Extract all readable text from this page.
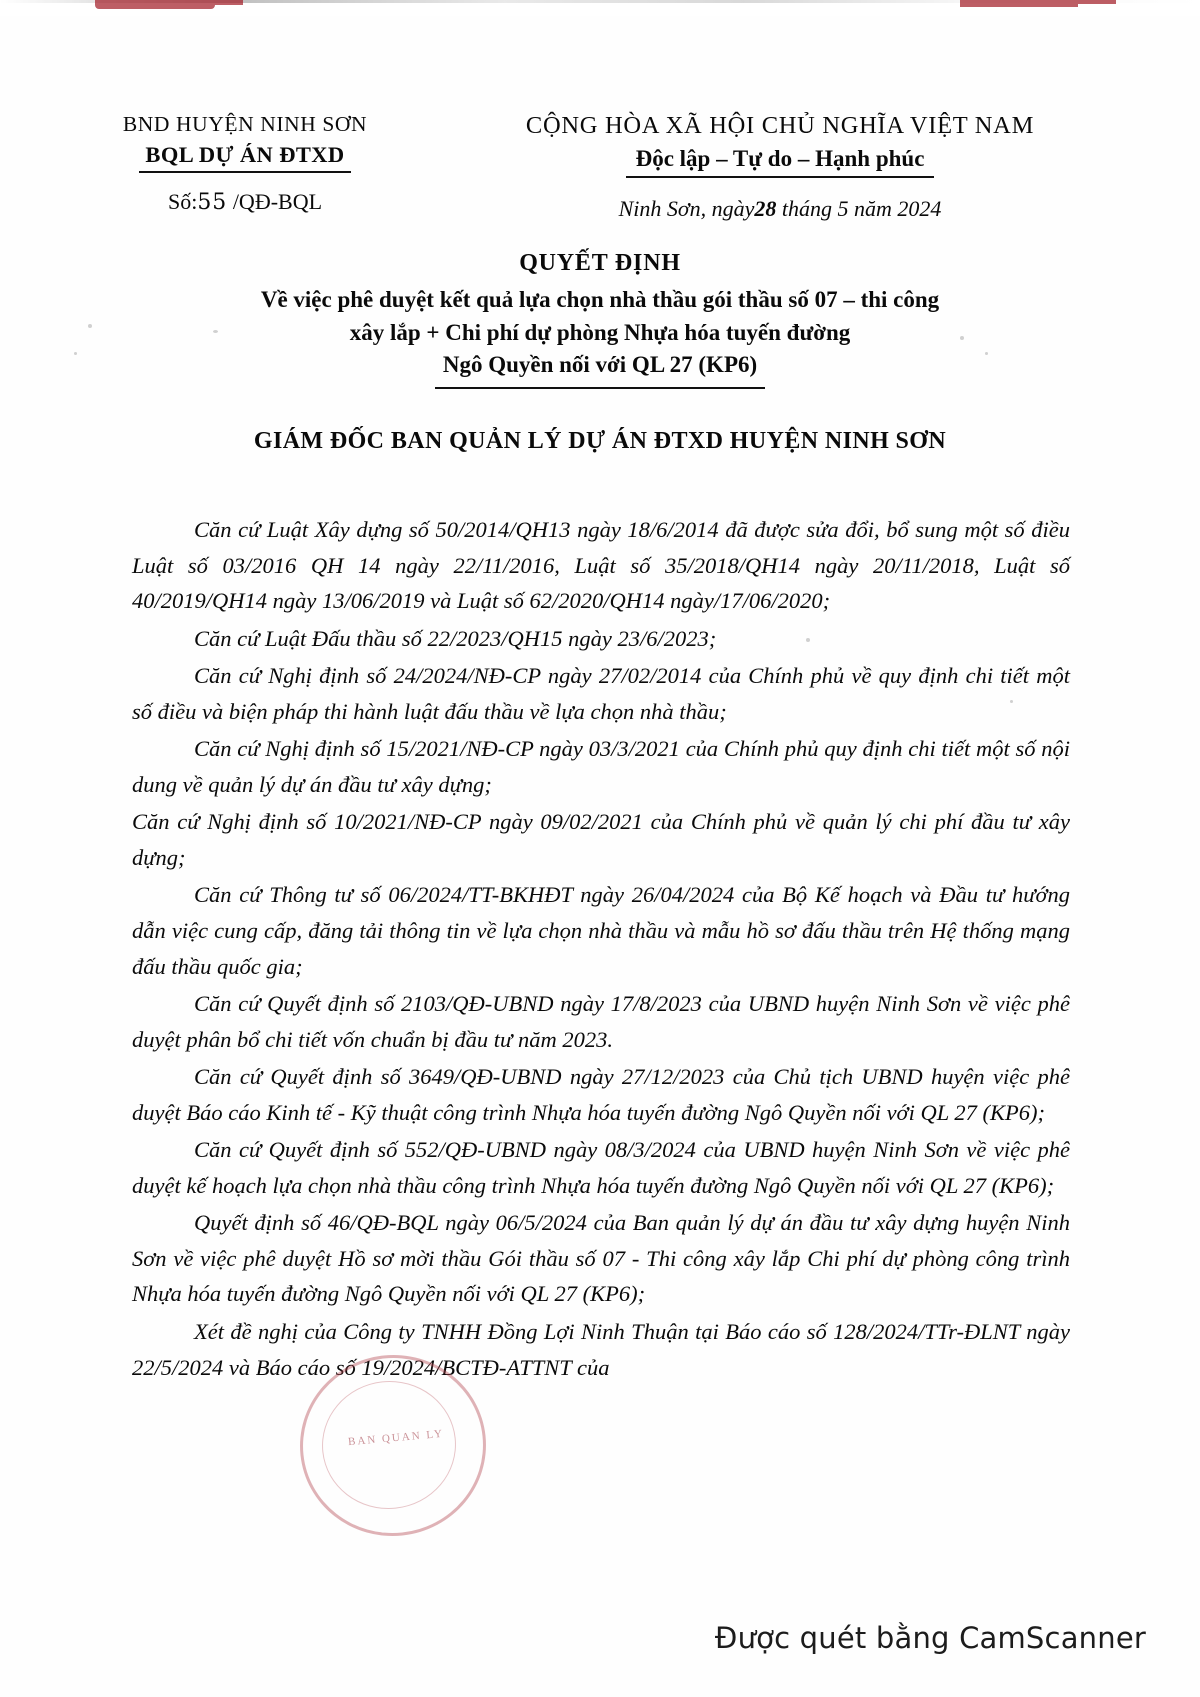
BND HUYỆN NINH SƠN
BQL DỰ ÁN ĐTXD
Số:55 /QĐ-BQL
CỘNG HÒA XÃ HỘI CHỦ NGHĨA VIỆT NAM
Độc lập – Tự do – Hạnh phúc
Ninh Sơn, ngày28 tháng 5 năm 2024
QUYẾT ĐỊNH
Về việc phê duyệt kết quả lựa chọn nhà thầu gói thầu số 07 – thi công
xây lắp + Chi phí dự phòng Nhựa hóa tuyến đường
Ngô Quyền nối với QL 27 (KP6)
GIÁM ĐỐC BAN QUẢN LÝ DỰ ÁN ĐTXD HUYỆN NINH SƠN

Căn cứ Luật Xây dựng số 50/2014/QH13 ngày 18/6/2014 đã được sửa đổi, bổ sung một số điều Luật số 03/2016 QH 14 ngày 22/11/2016, Luật số 35/2018/QH14 ngày 20/11/2018, Luật số 40/2019/QH14 ngày 13/06/2019 và Luật số 62/2020/QH14 ngày/17/06/2020;

Căn cứ Luật Đấu thầu số 22/2023/QH15 ngày 23/6/2023;

Căn cứ Nghị định số 24/2024/NĐ-CP ngày 27/02/2014 của Chính phủ về quy định chi tiết một số điều và biện pháp thi hành luật đấu thầu về lựa chọn nhà thầu;

Căn cứ Nghị định số 15/2021/NĐ-CP ngày 03/3/2021 của Chính phủ quy định chi tiết một số nội dung về quản lý dự án đầu tư xây dựng;

Căn cứ Nghị định số 10/2021/NĐ-CP ngày 09/02/2021 của Chính phủ về quản lý chi phí đầu tư xây dựng;

Căn cứ Thông tư số 06/2024/TT-BKHĐT ngày 26/04/2024 của Bộ Kế hoạch và Đầu tư hướng dẫn việc cung cấp, đăng tải thông tin về lựa chọn nhà thầu và mẫu hồ sơ đấu thầu trên Hệ thống mạng đấu thầu quốc gia;

Căn cứ Quyết định số 2103/QĐ-UBND ngày 17/8/2023 của UBND huyện Ninh Sơn về việc phê duyệt phân bổ chi tiết vốn chuẩn bị đầu tư năm 2023.

Căn cứ Quyết định số 3649/QĐ-UBND ngày 27/12/2023 của Chủ tịch UBND huyện việc phê duyệt Báo cáo Kinh tế - Kỹ thuật công trình Nhựa hóa tuyến đường Ngô Quyền nối với QL 27 (KP6);

Căn cứ Quyết định số 552/QĐ-UBND ngày 08/3/2024 của UBND huyện Ninh Sơn về việc phê duyệt kế hoạch lựa chọn nhà thầu công trình Nhựa hóa tuyến đường Ngô Quyền nối với QL 27 (KP6);

Quyết định số 46/QĐ-BQL ngày 06/5/2024 của Ban quản lý dự án đầu tư xây dựng huyện Ninh Sơn về việc phê duyệt Hồ sơ mời thầu Gói thầu số 07 - Thi công xây lắp Chi phí dự phòng công trình Nhựa hóa tuyến đường Ngô Quyền nối với QL 27 (KP6);

Xét đề nghị của Công ty TNHH Đồng Lợi Ninh Thuận tại Báo cáo số 128/2024/TTr-ĐLNT ngày 22/5/2024 và Báo cáo số 19/2024/BCTĐ-ATTNT của

BAN QUAN LY
Được quét bằng CamScanner
